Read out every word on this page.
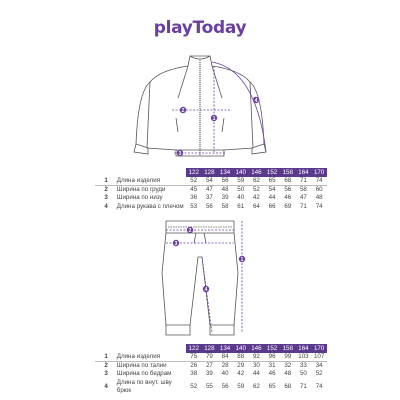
playToday
1
2
3
4
		122	128	134	140	146	152	158	164	170
1	Длина изделия	52	54	56	59	62	65	68	71	74
2	Ширина по груди	45	47	48	50	52	54	56	58	60
3	Ширина по низу	36	37	39	40	42	44	46	47	48
4	Длина рукава с плечом	53	56	58	61	64	66	69	71	74
1
2
3
4
		122	128	134	140	146	152	158	164	170
1	Длина изделия	75	79	84	88	92	96	99	103	107
2	Ширина по талии	26	27	28	29	30	31	32	33	34
3	Ширина по бедрам	38	39	40	42	44	46	48	50	52
4	Длина по внут. шву брюк	52	55	56	59	62	65	68	71	74
